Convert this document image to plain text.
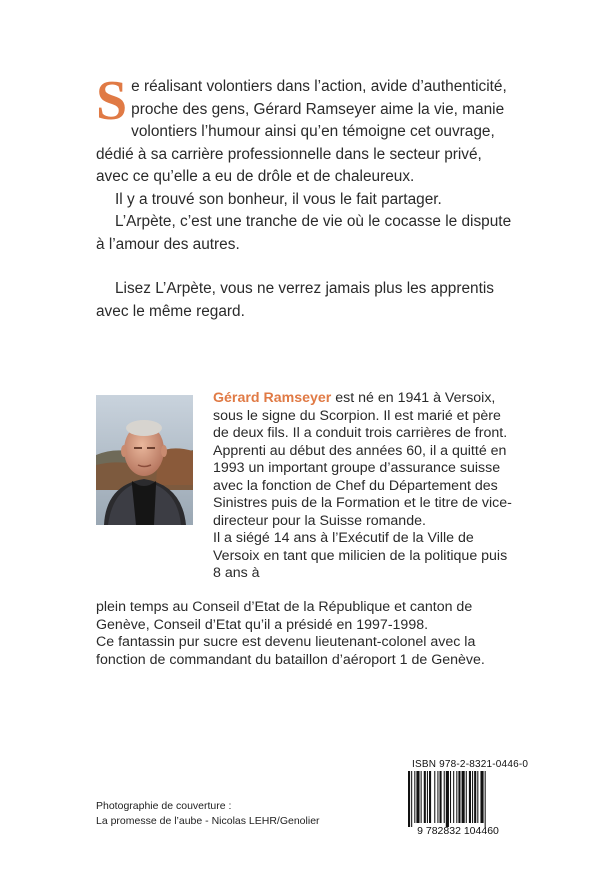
Se réalisant volontiers dans l’action, avide d’authenticité, proche des gens, Gérard Ramseyer aime la vie, manie volontiers l’humour ainsi qu’en témoigne cet ouvrage, dédié à sa carrière professionnelle dans le secteur privé, avec ce qu’elle a eu de drôle et de chaleureux.

Il y a trouvé son bonheur, il vous le fait partager.

L’Arpète, c’est une tranche de vie où le cocasse le dispute à l’amour des autres.

Lisez L’Arpète, vous ne verrez jamais plus les apprentis avec le même regard.

Gérard Ramseyer est né en 1941 à Versoix, sous le signe du Scorpion. Il est marié et père de deux fils. Il a conduit trois carrières de front.

Apprenti au début des années 60, il a quitté en 1993 un important groupe d’assurance suisse avec la fonction de Chef du Département des Sinistres puis de la Formation et le titre de vice-directeur pour la Suisse romande.

Il a siégé 14 ans à l’Exécutif de la Ville de Versoix en tant que milicien de la politique puis 8 ans à

plein temps au Conseil d’Etat de la République et canton de Genève, Conseil d’Etat qu’il a présidé en 1997-1998.

Ce fantassin pur sucre est devenu lieutenant-colonel avec la fonction de commandant du bataillon d’aéroport 1 de Genève.

ISBN 978-2-8321-0446-0
9 782832 104460

Photographie de couverture :

La promesse de l’aube - Nicolas LEHR/Genolier
